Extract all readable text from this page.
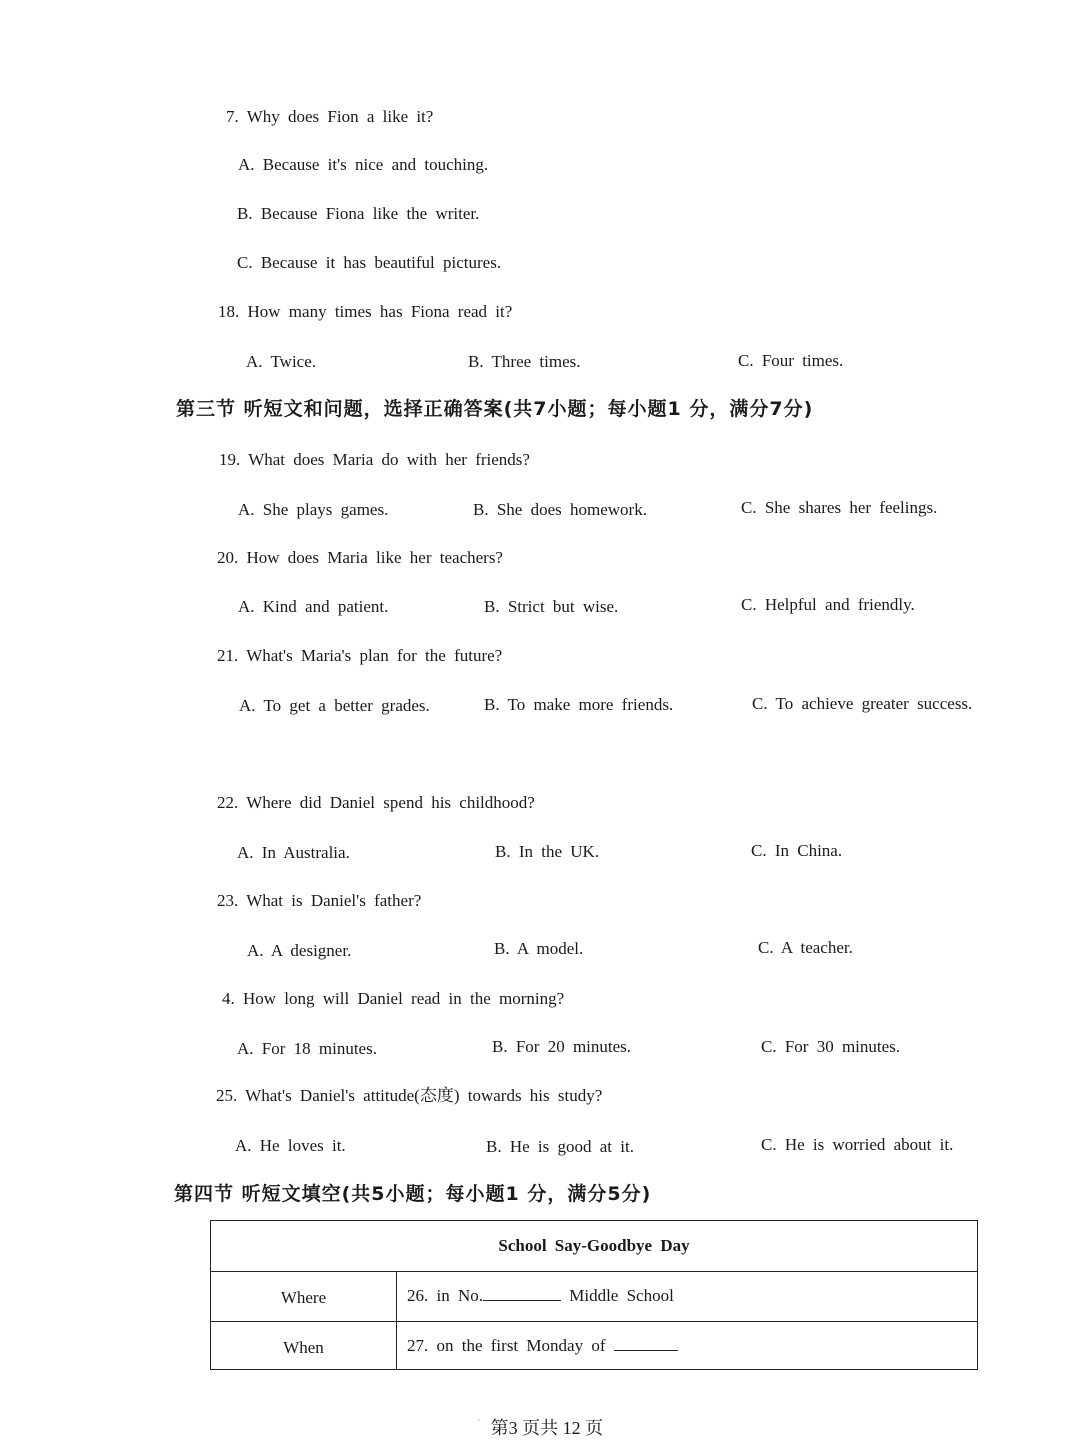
7. Why does Fion a like it?
A. Because it's nice and touching.
B. Because Fiona like the writer.
C. Because it has beautiful pictures.
18. How many times has Fiona read it?
A. Twice.	B. Three times.	C. Four times.
第三节 听短文和问题，选择正确答案(共7小题；每小题1 分，满分7分)
19. What does Maria do with her friends?
A. She plays games.	B. She does homework.	C. She shares her feelings.
20. How does Maria like her teachers?
A. Kind and patient.	B. Strict but wise.	C. Helpful and friendly.
21. What's Maria's plan for the future?
A. To get a better grades.	B. To make more friends.	C. To achieve greater success.
22. Where did Daniel spend his childhood?
A. In Australia.	B. In the UK.	C. In China.
23. What is Daniel's father?
A. A designer.	B. A model.	C. A teacher.
4. How long will Daniel read in the morning?
A. For 18 minutes.	B. For 20 minutes.	C. For 30 minutes.
25. What's Daniel's attitude(态度) towards his study?
A. He loves it.	B. He is good at it.	C. He is worried about it.
第四节 听短文填空(共5小题；每小题1 分，满分5分)
School Say-Goodbye Day
Where	26. in No.	Middle School
When	27. on the first Monday of
᾿ 第3 页共 12 页
